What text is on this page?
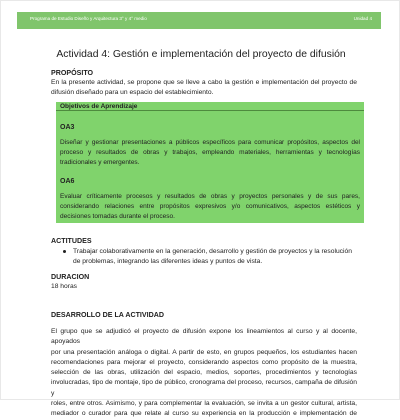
Programa de Estudio Diseño y Arquitectura 3° y 4° medio	Unidad 4
Actividad 4: Gestión e implementación del proyecto de difusión
PROPÓSITO
En la presente actividad, se propone que se lleve a cabo la gestión e implementación del proyecto de
difusión diseñado para un espacio del establecimiento.
Objetivos de Aprendizaje
OA3
Diseñar y gestionar presentaciones a públicos específicos para comunicar propósitos, aspectos del
proceso y resultados de obras y trabajos, empleando materiales, herramientas y tecnologías
tradicionales y emergentes.
OA6
Evaluar críticamente procesos y resultados de obras y proyectos personales y de sus pares,
considerando relaciones entre propósitos expresivos y/o comunicativos, aspectos estéticos y
decisiones tomadas durante el proceso.
ACTITUDES
Trabajar colaborativamente en la generación, desarrollo y gestión de proyectos y la resolución
de problemas, integrando las diferentes ideas y puntos de vista.
DURACION
18 horas
DESARROLLO DE LA ACTIVIDAD
El grupo que se adjudicó el proyecto de difusión expone los lineamientos al curso y al docente, apoyados
por una presentación análoga o digital. A partir de esto, en grupos pequeños, los estudiantes hacen
recomendaciones para mejorar el proyecto, considerando aspectos como propósito de la muestra,
selección de las obras, utilización del espacio, medios, soportes, procedimientos y tecnologías
involucradas, tipo de montaje, tipo de público, cronograma del proceso, recursos, campaña de difusión y
roles, entre otros. Asimismo, y para complementar la evaluación, se invita a un gestor cultural, artista,
mediador o curador para que relate al curso su experiencia en la producción e implementación de
